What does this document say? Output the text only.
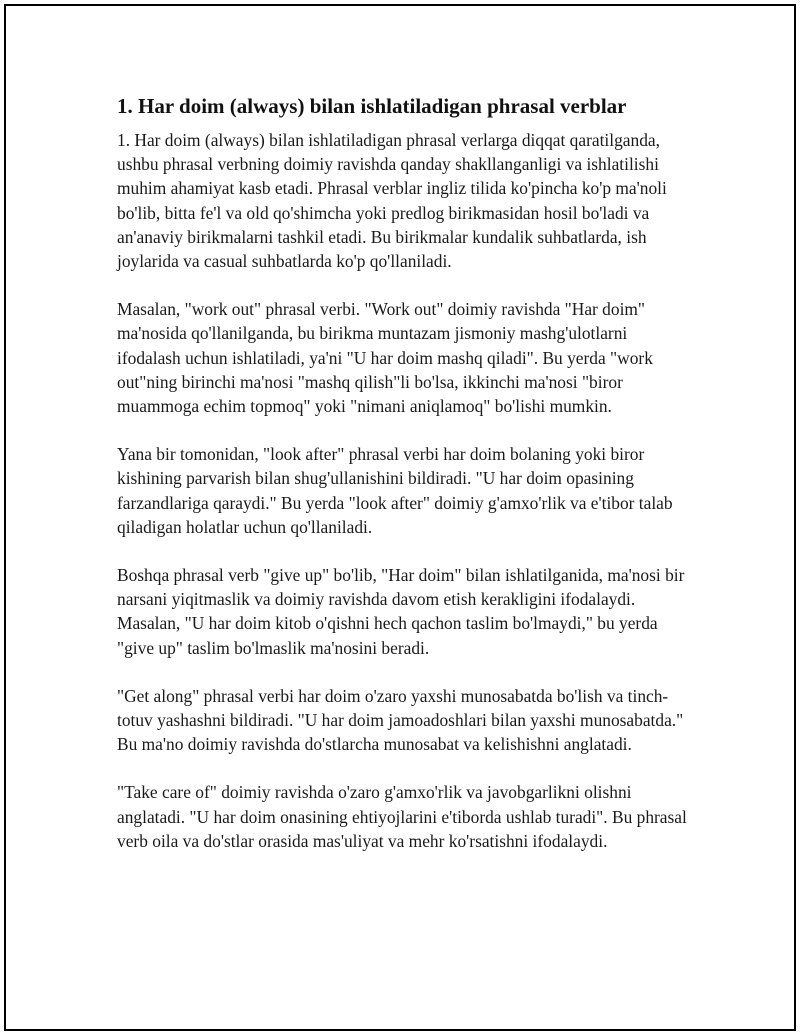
1. Har doim (always) bilan ishlatiladigan phrasal verblar

1. Har doim (always) bilan ishlatiladigan phrasal verlarga diqqat qaratilganda, ushbu phrasal verbning doimiy ravishda qanday shakllanganligi va ishlatilishi muhim ahamiyat kasb etadi. Phrasal verblar ingliz tilida ko'pincha ko'p ma'noli bo'lib, bitta fe'l va old qo'shimcha yoki predlog birikmasidan hosil bo'ladi va an'anaviy birikmalarni tashkil etadi. Bu birikmalar kundalik suhbatlarda, ish joylarida va casual suhbatlarda ko'p qo'llaniladi.

Masalan, "work out" phrasal verbi. "Work out" doimiy ravishda "Har doim" ma'nosida qo'llanilganda, bu birikma muntazam jismoniy mashg'ulotlarni ifodalash uchun ishlatiladi, ya'ni "U har doim mashq qiladi". Bu yerda "work out"ning birinchi ma'nosi "mashq qilish"li bo'lsa, ikkinchi ma'nosi "biror muammoga echim topmoq" yoki "nimani aniqlamoq" bo'lishi mumkin.

Yana bir tomonidan, "look after" phrasal verbi har doim bolaning yoki biror kishining parvarish bilan shug'ullanishini bildiradi. "U har doim opasining farzandlariga qaraydi." Bu yerda "look after" doimiy g'amxo'rlik va e'tibor talab qiladigan holatlar uchun qo'llaniladi.

Boshqa phrasal verb "give up" bo'lib, "Har doim" bilan ishlatilganida, ma'nosi bir narsani yiqitmaslik va doimiy ravishda davom etish kerakligini ifodalaydi. Masalan, "U har doim kitob o'qishni hech qachon taslim bo'lmaydi," bu yerda "give up" taslim bo'lmaslik ma'nosini beradi.

"Get along" phrasal verbi har doim o'zaro yaxshi munosabatda bo'lish va tinch-totuv yashashni bildiradi. "U har doim jamoadoshlari bilan yaxshi munosabatda." Bu ma'no doimiy ravishda do'stlarcha munosabat va kelishishni anglatadi.

"Take care of" doimiy ravishda o'zaro g'amxo'rlik va javobgarlikni olishni anglatadi. "U har doim onasining ehtiyojlarini e'tiborda ushlab turadi". Bu phrasal verb oila va do'stlar orasida mas'uliyat va mehr ko'rsatishni ifodalaydi.
